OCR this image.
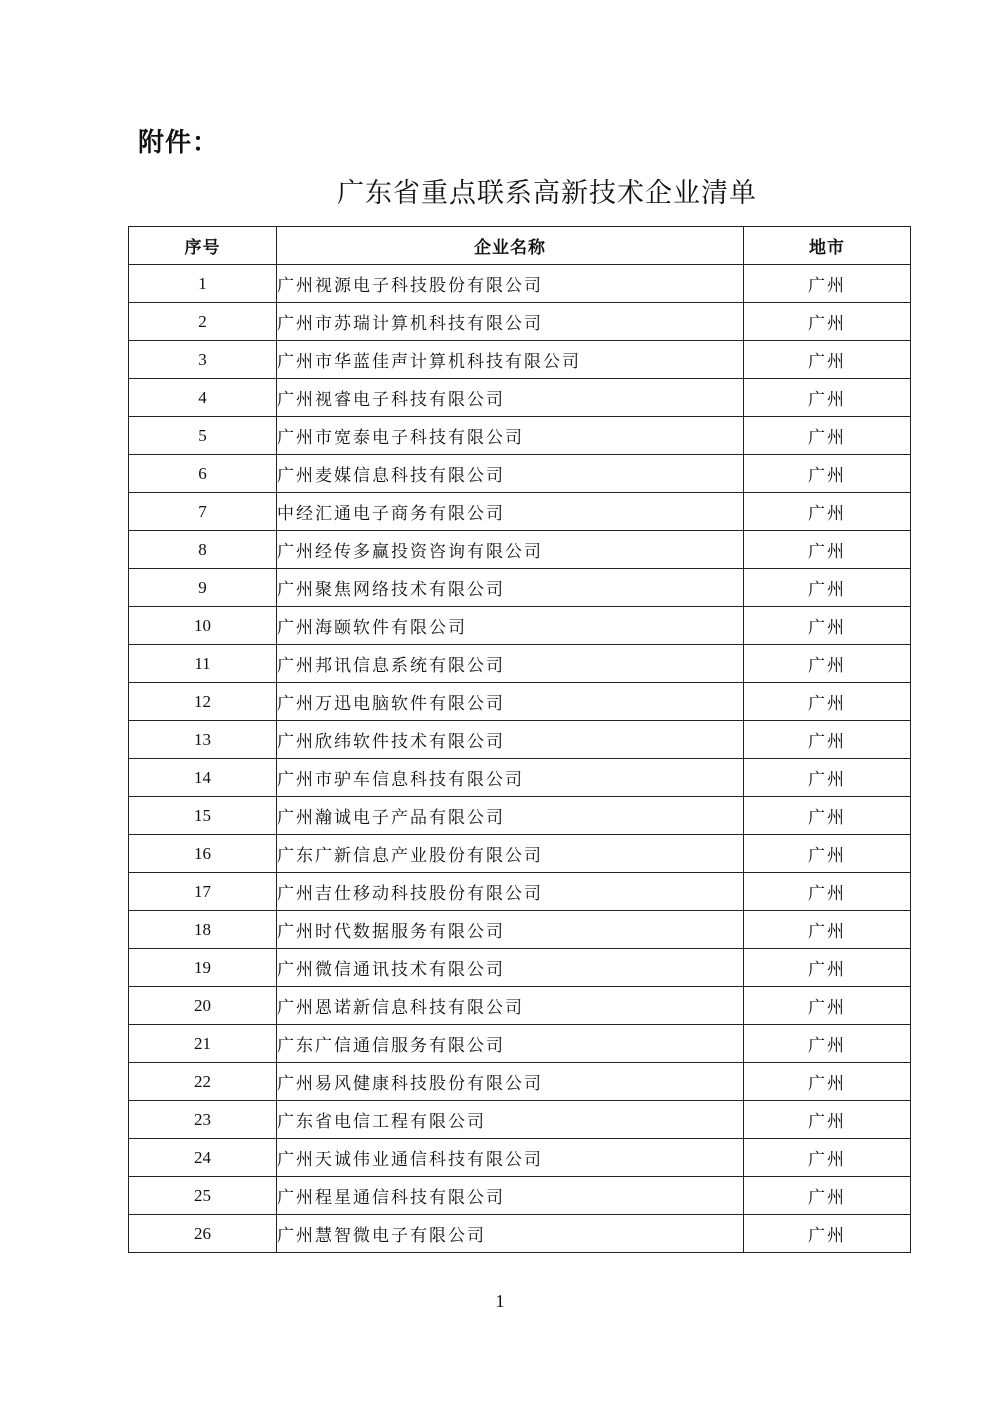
附件：
广东省重点联系高新技术企业清单
序号	企业名称	地市
1	广州视源电子科技股份有限公司	广州
2	广州市苏瑞计算机科技有限公司	广州
3	广州市华蓝佳声计算机科技有限公司	广州
4	广州视睿电子科技有限公司	广州
5	广州市宽泰电子科技有限公司	广州
6	广州麦媒信息科技有限公司	广州
7	中经汇通电子商务有限公司	广州
8	广州经传多赢投资咨询有限公司	广州
9	广州聚焦网络技术有限公司	广州
10	广州海颐软件有限公司	广州
11	广州邦讯信息系统有限公司	广州
12	广州万迅电脑软件有限公司	广州
13	广州欣纬软件技术有限公司	广州
14	广州市驴车信息科技有限公司	广州
15	广州瀚诚电子产品有限公司	广州
16	广东广新信息产业股份有限公司	广州
17	广州吉仕移动科技股份有限公司	广州
18	广州时代数据服务有限公司	广州
19	广州微信通讯技术有限公司	广州
20	广州恩诺新信息科技有限公司	广州
21	广东广信通信服务有限公司	广州
22	广州易风健康科技股份有限公司	广州
23	广东省电信工程有限公司	广州
24	广州天诚伟业通信科技有限公司	广州
25	广州程星通信科技有限公司	广州
26	广州慧智微电子有限公司	广州
1
